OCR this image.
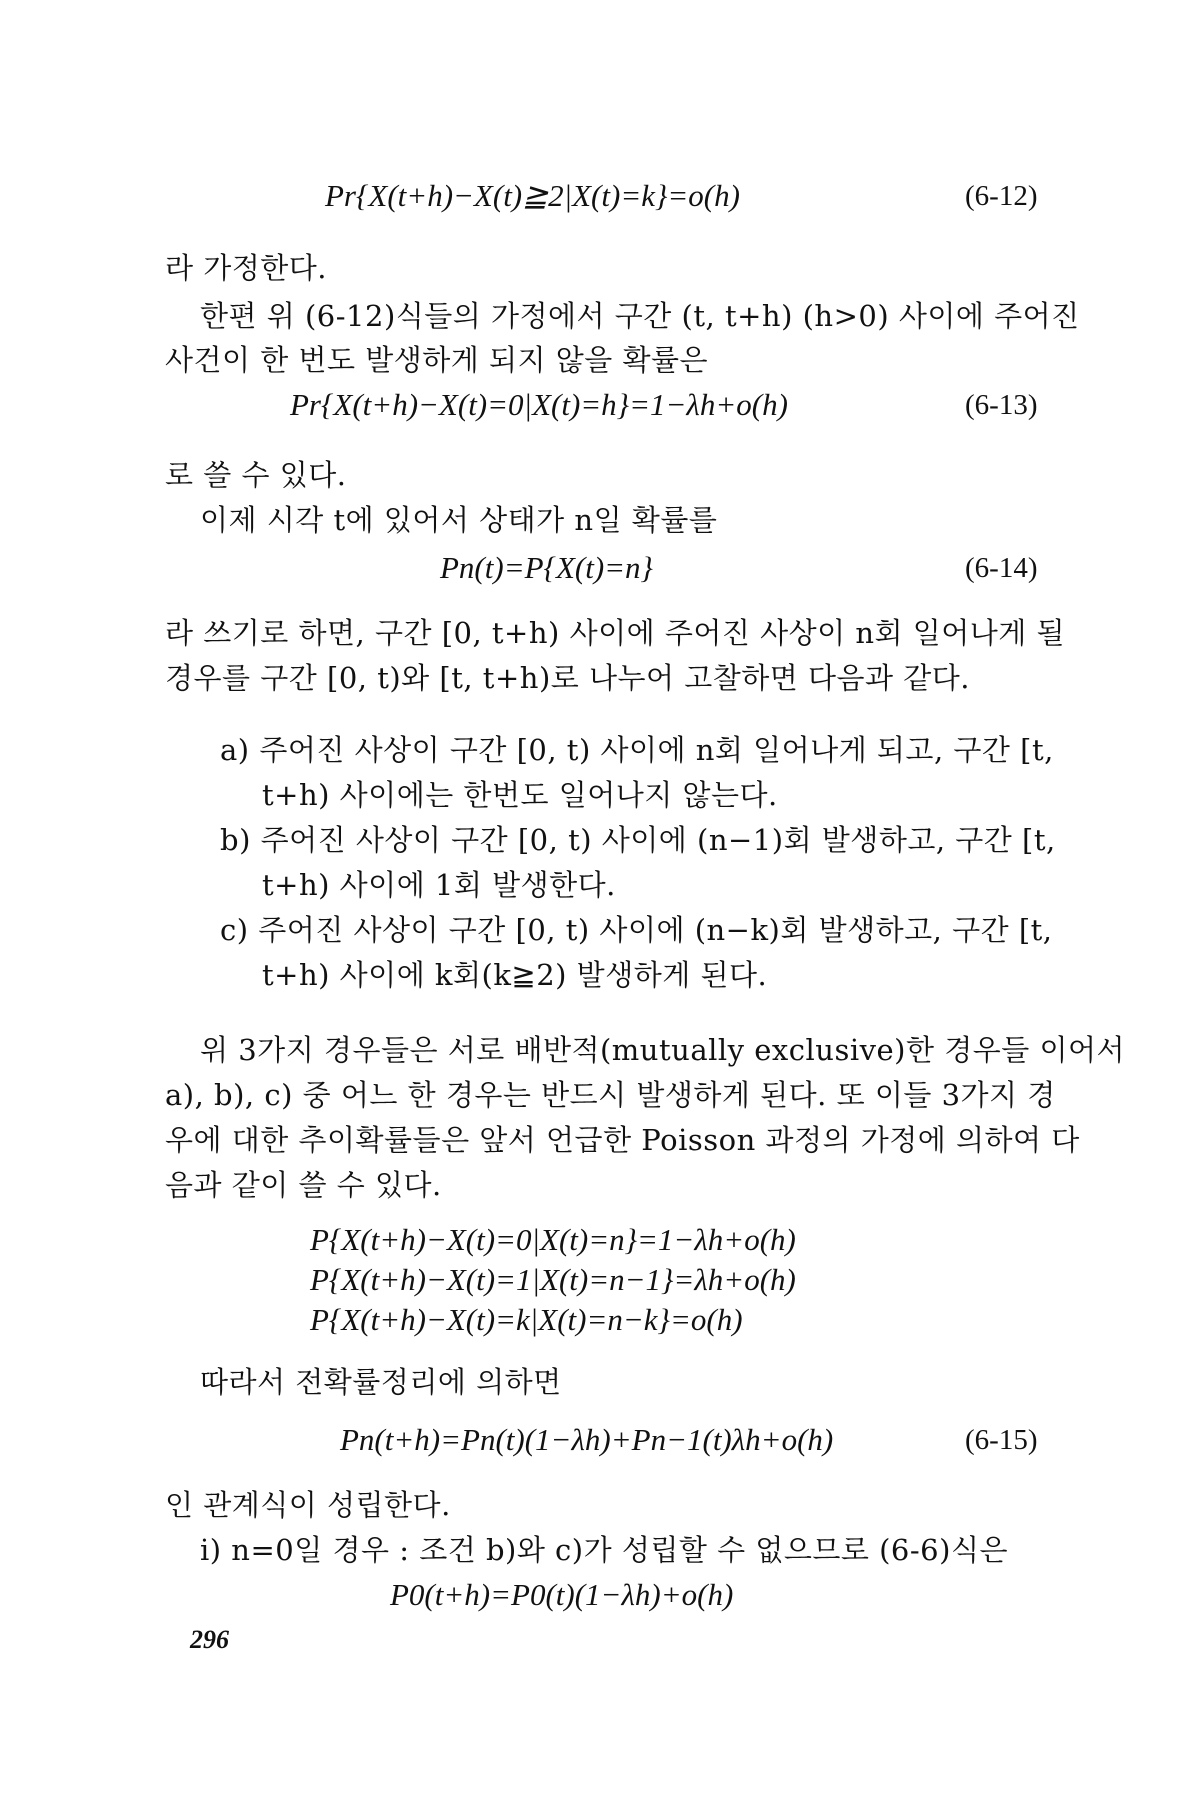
Pr{X(t+h)−X(t)≧2|X(t)=k}=o(h)	(6-12)
라 가정한다.
한편 위 (6-12)식들의 가정에서 구간 (t, t+h) (h>0) 사이에 주어진
사건이 한 번도 발생하게 되지 않을 확률은
Pr{X(t+h)−X(t)=0|X(t)=h}=1−λh+o(h)	(6-13)
로 쓸 수 있다.
이제 시각 t에 있어서 상태가 n일 확률를
Pn(t)=P{X(t)=n}	(6-14)
라 쓰기로 하면, 구간 [0, t+h) 사이에 주어진 사상이 n회 일어나게 될
경우를 구간 [0, t)와 [t, t+h)로 나누어 고찰하면 다음과 같다.
a) 주어진 사상이 구간 [0, t) 사이에 n회 일어나게 되고, 구간 [t,
t+h) 사이에는 한번도 일어나지 않는다.
b) 주어진 사상이 구간 [0, t) 사이에 (n−1)회 발생하고, 구간 [t,
t+h) 사이에 1회 발생한다.
c) 주어진 사상이 구간 [0, t) 사이에 (n−k)회 발생하고, 구간 [t,
t+h) 사이에 k회(k≧2) 발생하게 된다.
위 3가지 경우들은 서로 배반적(mutually exclusive)한 경우들 이어서
a), b), c) 중 어느 한 경우는 반드시 발생하게 된다. 또 이들 3가지 경
우에 대한 추이확률들은 앞서 언급한 Poisson 과정의 가정에 의하여 다
음과 같이 쓸 수 있다.
P{X(t+h)−X(t)=0|X(t)=n}=1−λh+o(h)
P{X(t+h)−X(t)=1|X(t)=n−1}=λh+o(h)
P{X(t+h)−X(t)=k|X(t)=n−k}=o(h)
따라서 전확률정리에 의하면
Pn(t+h)=Pn(t)(1−λh)+Pn−1(t)λh+o(h)	(6-15)
인 관계식이 성립한다.
i) n=0일 경우 : 조건 b)와 c)가 성립할 수 없으므로 (6-6)식은
P0(t+h)=P0(t)(1−λh)+o(h)
296
